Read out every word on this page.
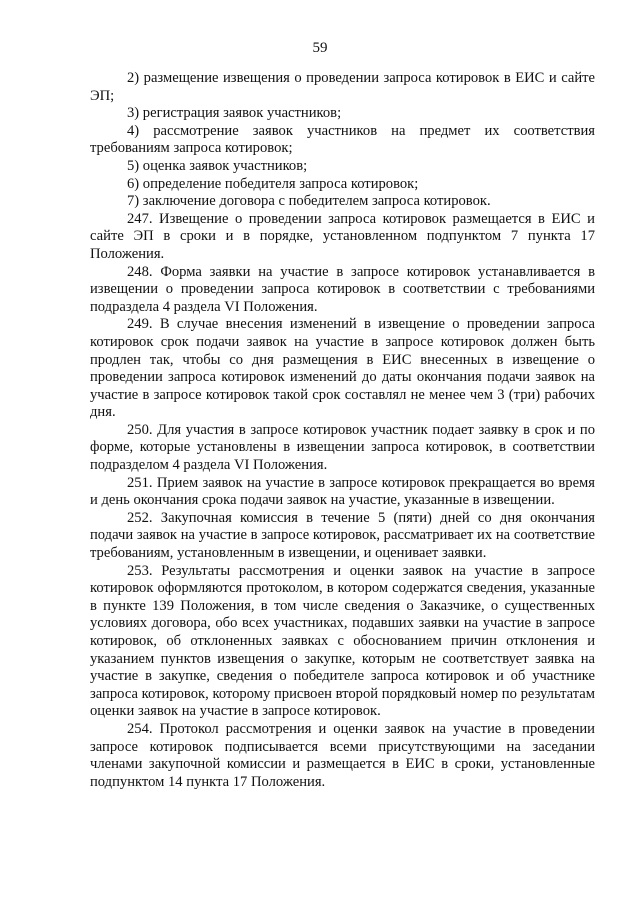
59

2) размещение извещения о проведении запроса котировок в ЕИС и сайте ЭП;

3) регистрация заявок участников;

4) рассмотрение заявок участников на предмет их соответствия требованиям запроса котировок;

5) оценка заявок участников;

6) определение победителя запроса котировок;

7) заключение договора с победителем запроса котировок.

247. Извещение о проведении запроса котировок размещается в ЕИС и сайте ЭП в сроки и в порядке, установленном подпунктом 7 пункта 17 Положения.

248. Форма заявки на участие в запросе котировок устанавливается в извещении о проведении запроса котировок в соответствии с требованиями подраздела 4 раздела VI Положения.

249. В случае внесения изменений в извещение о проведении запроса котировок срок подачи заявок на участие в запросе котировок должен быть продлен так, чтобы со дня размещения в ЕИС внесенных в извещение о проведении запроса котировок изменений до даты окончания подачи заявок на участие в запросе котировок такой срок составлял не менее чем 3 (три) рабочих дня.

250. Для участия в запросе котировок участник подает заявку в срок и по форме, которые установлены в извещении запроса котировок, в соответствии подразделом 4 раздела VI Положения.

251. Прием заявок на участие в запросе котировок прекращается во время и день окончания срока подачи заявок на участие, указанные в извещении.

252. Закупочная комиссия в течение 5 (пяти) дней со дня окончания подачи заявок на участие в запросе котировок, рассматривает их на соответствие требованиям, установленным в извещении, и оценивает заявки.

253. Результаты рассмотрения и оценки заявок на участие в запросе котировок оформляются протоколом, в котором содержатся сведения, указанные в пункте 139 Положения, в том числе сведения о Заказчике, о существенных условиях договора, обо всех участниках, подавших заявки на участие в запросе котировок, об отклоненных заявках с обоснованием причин отклонения и указанием пунктов извещения о закупке, которым не соответствует заявка на участие в закупке, сведения о победителе запроса котировок и об участнике запроса котировок, которому присвоен второй порядковый номер по результатам оценки заявок на участие в запросе котировок.

254. Протокол рассмотрения и оценки заявок на участие в проведении запросе котировок подписывается всеми присутствующими на заседании членами закупочной комиссии и размещается в ЕИС в сроки, установленные подпунктом 14 пункта 17 Положения.
